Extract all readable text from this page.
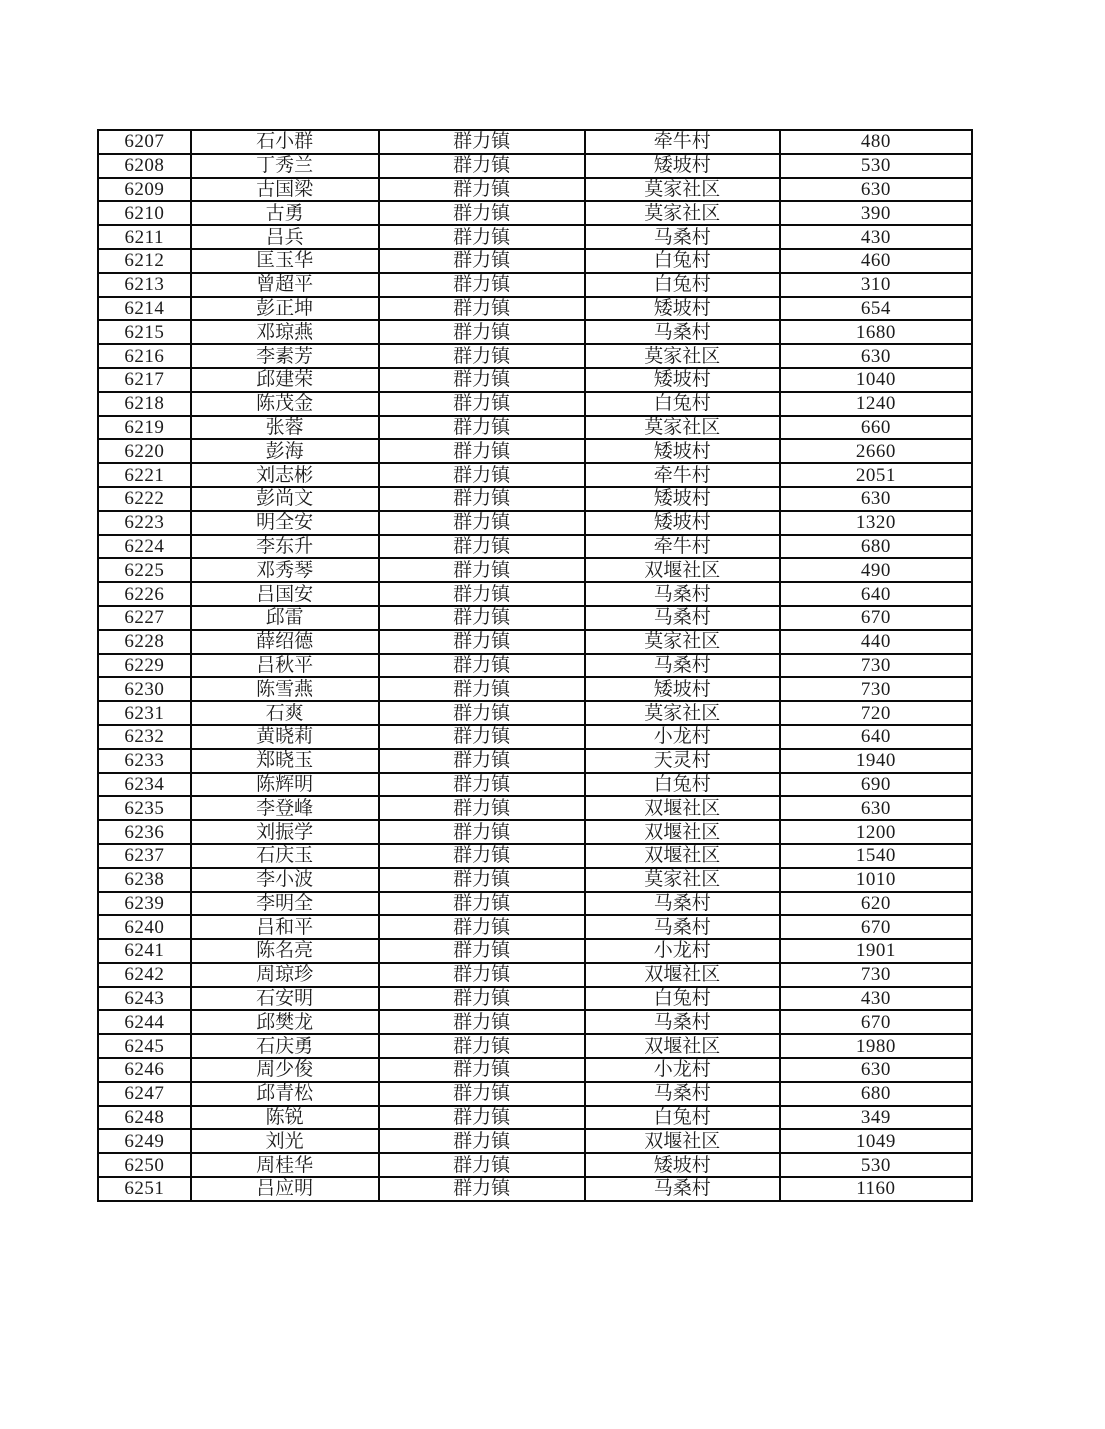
6207	石小群	群力镇	牵牛村	480
6208	丁秀兰	群力镇	矮坡村	530
6209	古国梁	群力镇	莫家社区	630
6210	古勇	群力镇	莫家社区	390
6211	吕兵	群力镇	马桑村	430
6212	匡玉华	群力镇	白兔村	460
6213	曾超平	群力镇	白兔村	310
6214	彭正坤	群力镇	矮坡村	654
6215	邓琼燕	群力镇	马桑村	1680
6216	李素芳	群力镇	莫家社区	630
6217	邱建荣	群力镇	矮坡村	1040
6218	陈茂金	群力镇	白兔村	1240
6219	张蓉	群力镇	莫家社区	660
6220	彭海	群力镇	矮坡村	2660
6221	刘志彬	群力镇	牵牛村	2051
6222	彭尚文	群力镇	矮坡村	630
6223	明全安	群力镇	矮坡村	1320
6224	李东升	群力镇	牵牛村	680
6225	邓秀琴	群力镇	双堰社区	490
6226	吕国安	群力镇	马桑村	640
6227	邱雷	群力镇	马桑村	670
6228	薛绍德	群力镇	莫家社区	440
6229	吕秋平	群力镇	马桑村	730
6230	陈雪燕	群力镇	矮坡村	730
6231	石爽	群力镇	莫家社区	720
6232	黄晓莉	群力镇	小龙村	640
6233	郑晓玉	群力镇	天灵村	1940
6234	陈辉明	群力镇	白兔村	690
6235	李登峰	群力镇	双堰社区	630
6236	刘振学	群力镇	双堰社区	1200
6237	石庆玉	群力镇	双堰社区	1540
6238	李小波	群力镇	莫家社区	1010
6239	李明全	群力镇	马桑村	620
6240	吕和平	群力镇	马桑村	670
6241	陈名亮	群力镇	小龙村	1901
6242	周琼珍	群力镇	双堰社区	730
6243	石安明	群力镇	白兔村	430
6244	邱樊龙	群力镇	马桑村	670
6245	石庆勇	群力镇	双堰社区	1980
6246	周少俊	群力镇	小龙村	630
6247	邱青松	群力镇	马桑村	680
6248	陈锐	群力镇	白兔村	349
6249	刘光	群力镇	双堰社区	1049
6250	周桂华	群力镇	矮坡村	530
6251	吕应明	群力镇	马桑村	1160
